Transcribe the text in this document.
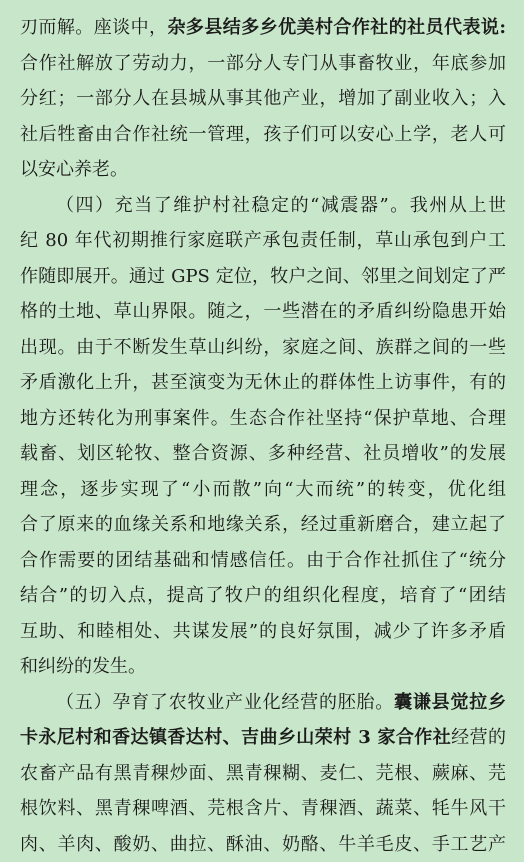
刃而解。座谈中，杂多县结多乡优美村合作社的社员代表说:
合作社解放了劳动力，一部分人专门从事畜牧业，年底参加
分红；一部分人在县城从事其他产业，增加了副业收入；入
社后牲畜由合作社统一管理，孩子们可以安心上学，老人可
以安心养老。
（四）充当了维护村社稳定的“减震器”。我州从上世
纪 80 年代初期推行家庭联产承包责任制，草山承包到户工
作随即展开。通过 GPS 定位，牧户之间、邻里之间划定了严
格的土地、草山界限。随之，一些潜在的矛盾纠纷隐患开始
出现。由于不断发生草山纠纷，家庭之间、族群之间的一些
矛盾激化上升，甚至演变为无休止的群体性上访事件，有的
地方还转化为刑事案件。生态合作社坚持“保护草地、合理
载畜、划区轮牧、整合资源、多种经营、社员增收”的发展
理念，逐步实现了“小而散”向“大而统”的转变，优化组
合了原来的血缘关系和地缘关系，经过重新磨合，建立起了
合作需要的团结基础和情感信任。由于合作社抓住了“统分
结合”的切入点，提高了牧户的组织化程度，培育了“团结
互助、和睦相处、共谋发展”的良好氛围，减少了许多矛盾
和纠纷的发生。
（五）孕育了农牧业产业化经营的胚胎。囊谦县觉拉乡
卡永尼村和香达镇香达村、吉曲乡山荣村 3 家合作社经营的
农畜产品有黑青稞炒面、黑青稞糊、麦仁、芫根、蕨麻、芫
根饮料、黑青稞啤酒、芫根含片、青稞酒、蔬菜、牦牛风干
肉、羊肉、酸奶、曲拉、酥油、奶酪、牛羊毛皮、手工艺产
